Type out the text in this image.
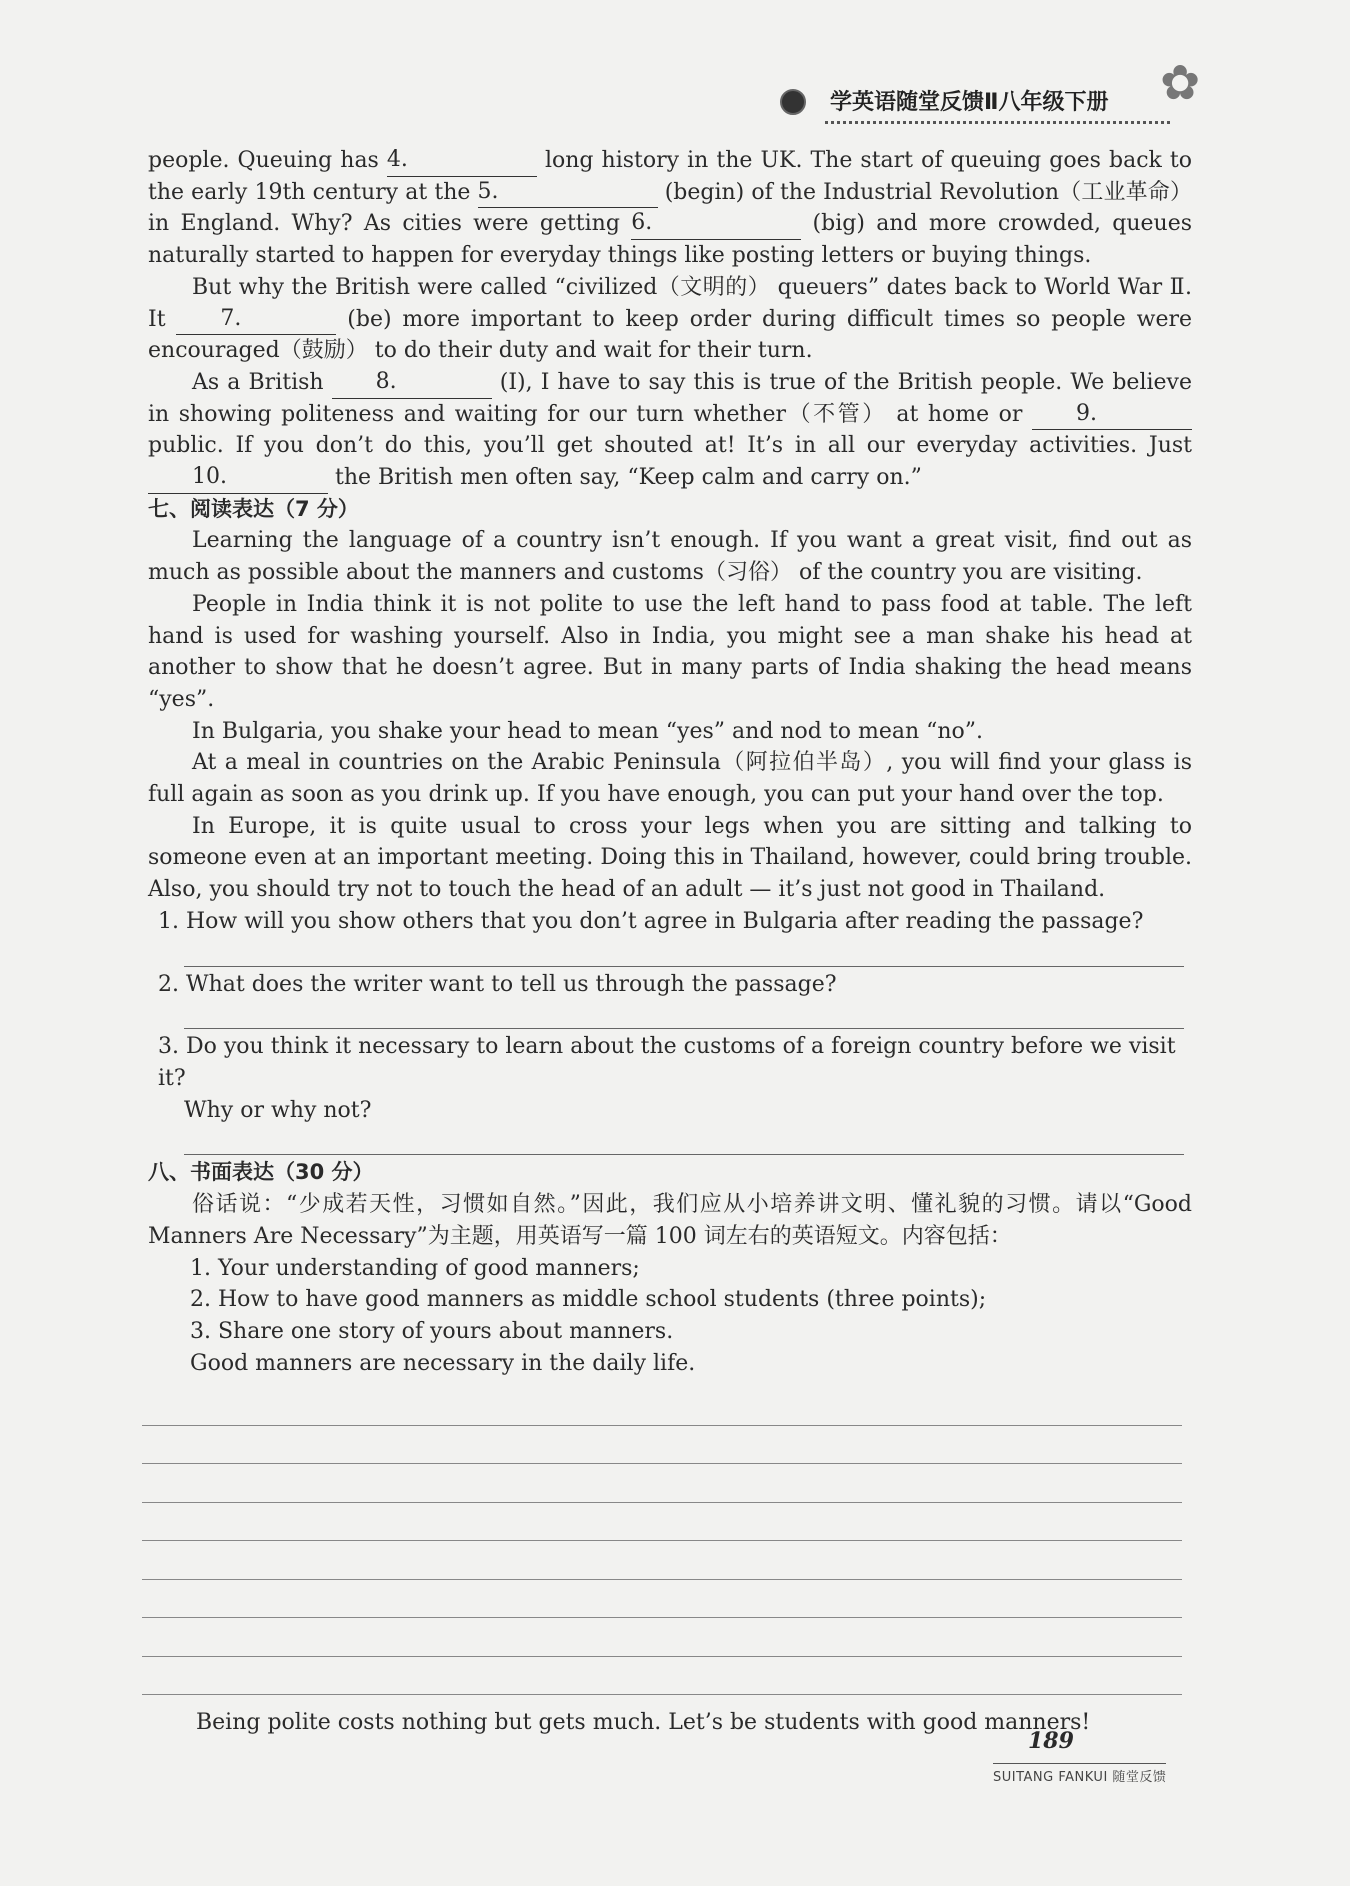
学英语随堂反馈Ⅱ八年级下册 ✿

people. Queuing has 4.	long history in the UK. The start of queuing goes back to the early 19th century at the 5.	(begin) of the Industrial Revolution（工业革命） in England. Why? As cities were getting 6.	(big) and more crowded, queues naturally started to happen for everyday things like posting letters or buying things.

But why the British were called “civilized（文明的） queuers” dates back to World War Ⅱ. It	7.	(be) more important to keep order during difficult times so people were encouraged（鼓励） to do their duty and wait for their turn.

As a British	8.	(I), I have to say this is true of the British people. We believe in showing politeness and waiting for our turn whether（不管） at home or	9.
public. If you don’t do this, you’ll get shouted at! It’s in all our everyday activities. Just
10.	the British men often say, “Keep calm and carry on.”

七、阅读表达（7 分）

Learning the language of a country isn’t enough. If you want a great visit, find out as much as possible about the manners and customs（习俗） of the country you are visiting.

People in India think it is not polite to use the left hand to pass food at table. The left hand is used for washing yourself. Also in India, you might see a man shake his head at another to show that he doesn’t agree. But in many parts of India shaking the head means “yes”.

In Bulgaria, you shake your head to mean “yes” and nod to mean “no”.

At a meal in countries on the Arabic Peninsula（阿拉伯半岛）, you will find your glass is full again as soon as you drink up. If you have enough, you can put your hand over the top.

In Europe, it is quite usual to cross your legs when you are sitting and talking to someone even at an important meeting. Doing this in Thailand, however, could bring trouble. Also, you should try not to touch the head of an adult — it’s just not good in Thailand.

1. How will you show others that you don’t agree in Bulgaria after reading the passage?
2. What does the writer want to tell us through the passage?
3. Do you think it necessary to learn about the customs of a foreign country before we visit it?
Why or why not?
八、书面表达（30 分）

俗话说：“少成若天性，习惯如自然。”因此，我们应从小培养讲文明、懂礼貌的习惯。请以“Good Manners Are Necessary”为主题，用英语写一篇 100 词左右的英语短文。内容包括：

1. Your understanding of good manners;
2. How to have good manners as middle school students (three points);
3. Share one story of yours about manners.
Good manners are necessary in the daily life.
Being polite costs nothing but gets much. Let’s be students with good manners!
189
SUITANG FANKUI 随堂反馈
